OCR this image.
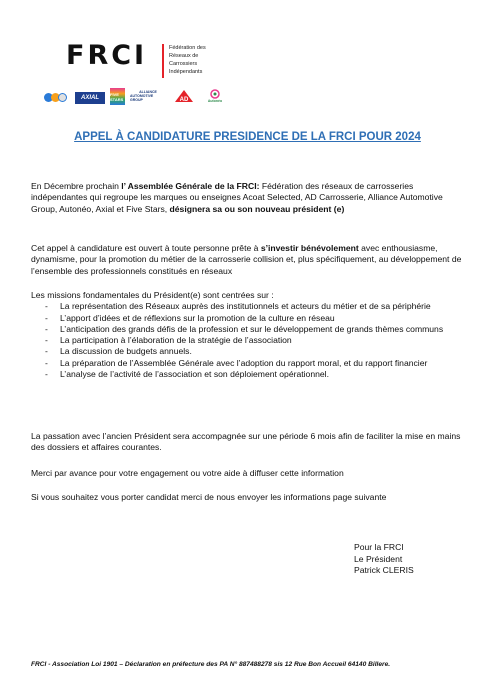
FRCI	Fédération des
Réseaux de
Carrossiers
Indépendants
AXIAL
FIVE STARS
ALLIANCE
AUTOMOTIVE GROUP	AD	Autonéo
APPEL À CANDIDATURE PRESIDENCE DE LA FRCI POUR 2024
En Décembre prochain l’ Assemblée Générale de la FRCI: Fédération des réseaux de carrosseries indépendantes qui regroupe les marques ou enseignes Acoat Selected, AD Carrosserie, Alliance Automotive Group, Autonéo, Axial et Five Stars, désignera sa ou son nouveau président (e)
Cet appel à candidature est ouvert à toute personne prête à s’investir bénévolement avec enthousiasme, dynamisme, pour la promotion du métier de la carrosserie collision et, plus spécifiquement, au développement de l’ensemble des professionnels constitués en réseaux
Les missions fondamentales du Président(e) sont centrées sur :
- La représentation des Réseaux auprès des institutionnels et acteurs du métier et de sa périphérie
- L’apport d’idées et de réflexions sur la promotion de la culture en réseau
- L’anticipation des grands défis de la profession et sur le développement de grands thèmes communs
- La participation à l’élaboration de la stratégie de l’association
- La discussion de budgets annuels.
- La préparation de l’Assemblée Générale avec l’adoption du rapport moral, et du rapport financier
- L’analyse de l’activité de l’association et son déploiement opérationnel.
La passation avec l’ancien Président sera accompagnée sur une période 6 mois afin de faciliter la mise en mains des dossiers et affaires courantes.
Merci par avance pour votre engagement ou votre aide à diffuser cette information
Si vous souhaitez vous porter candidat merci de nous envoyer les informations page suivante
Pour la FRCI
Le Président
Patrick CLERIS
FRCI - Association Loi 1901 – Déclaration en préfecture des PA N° 887488278 sis 12 Rue Bon Accueil 64140 Billere.
